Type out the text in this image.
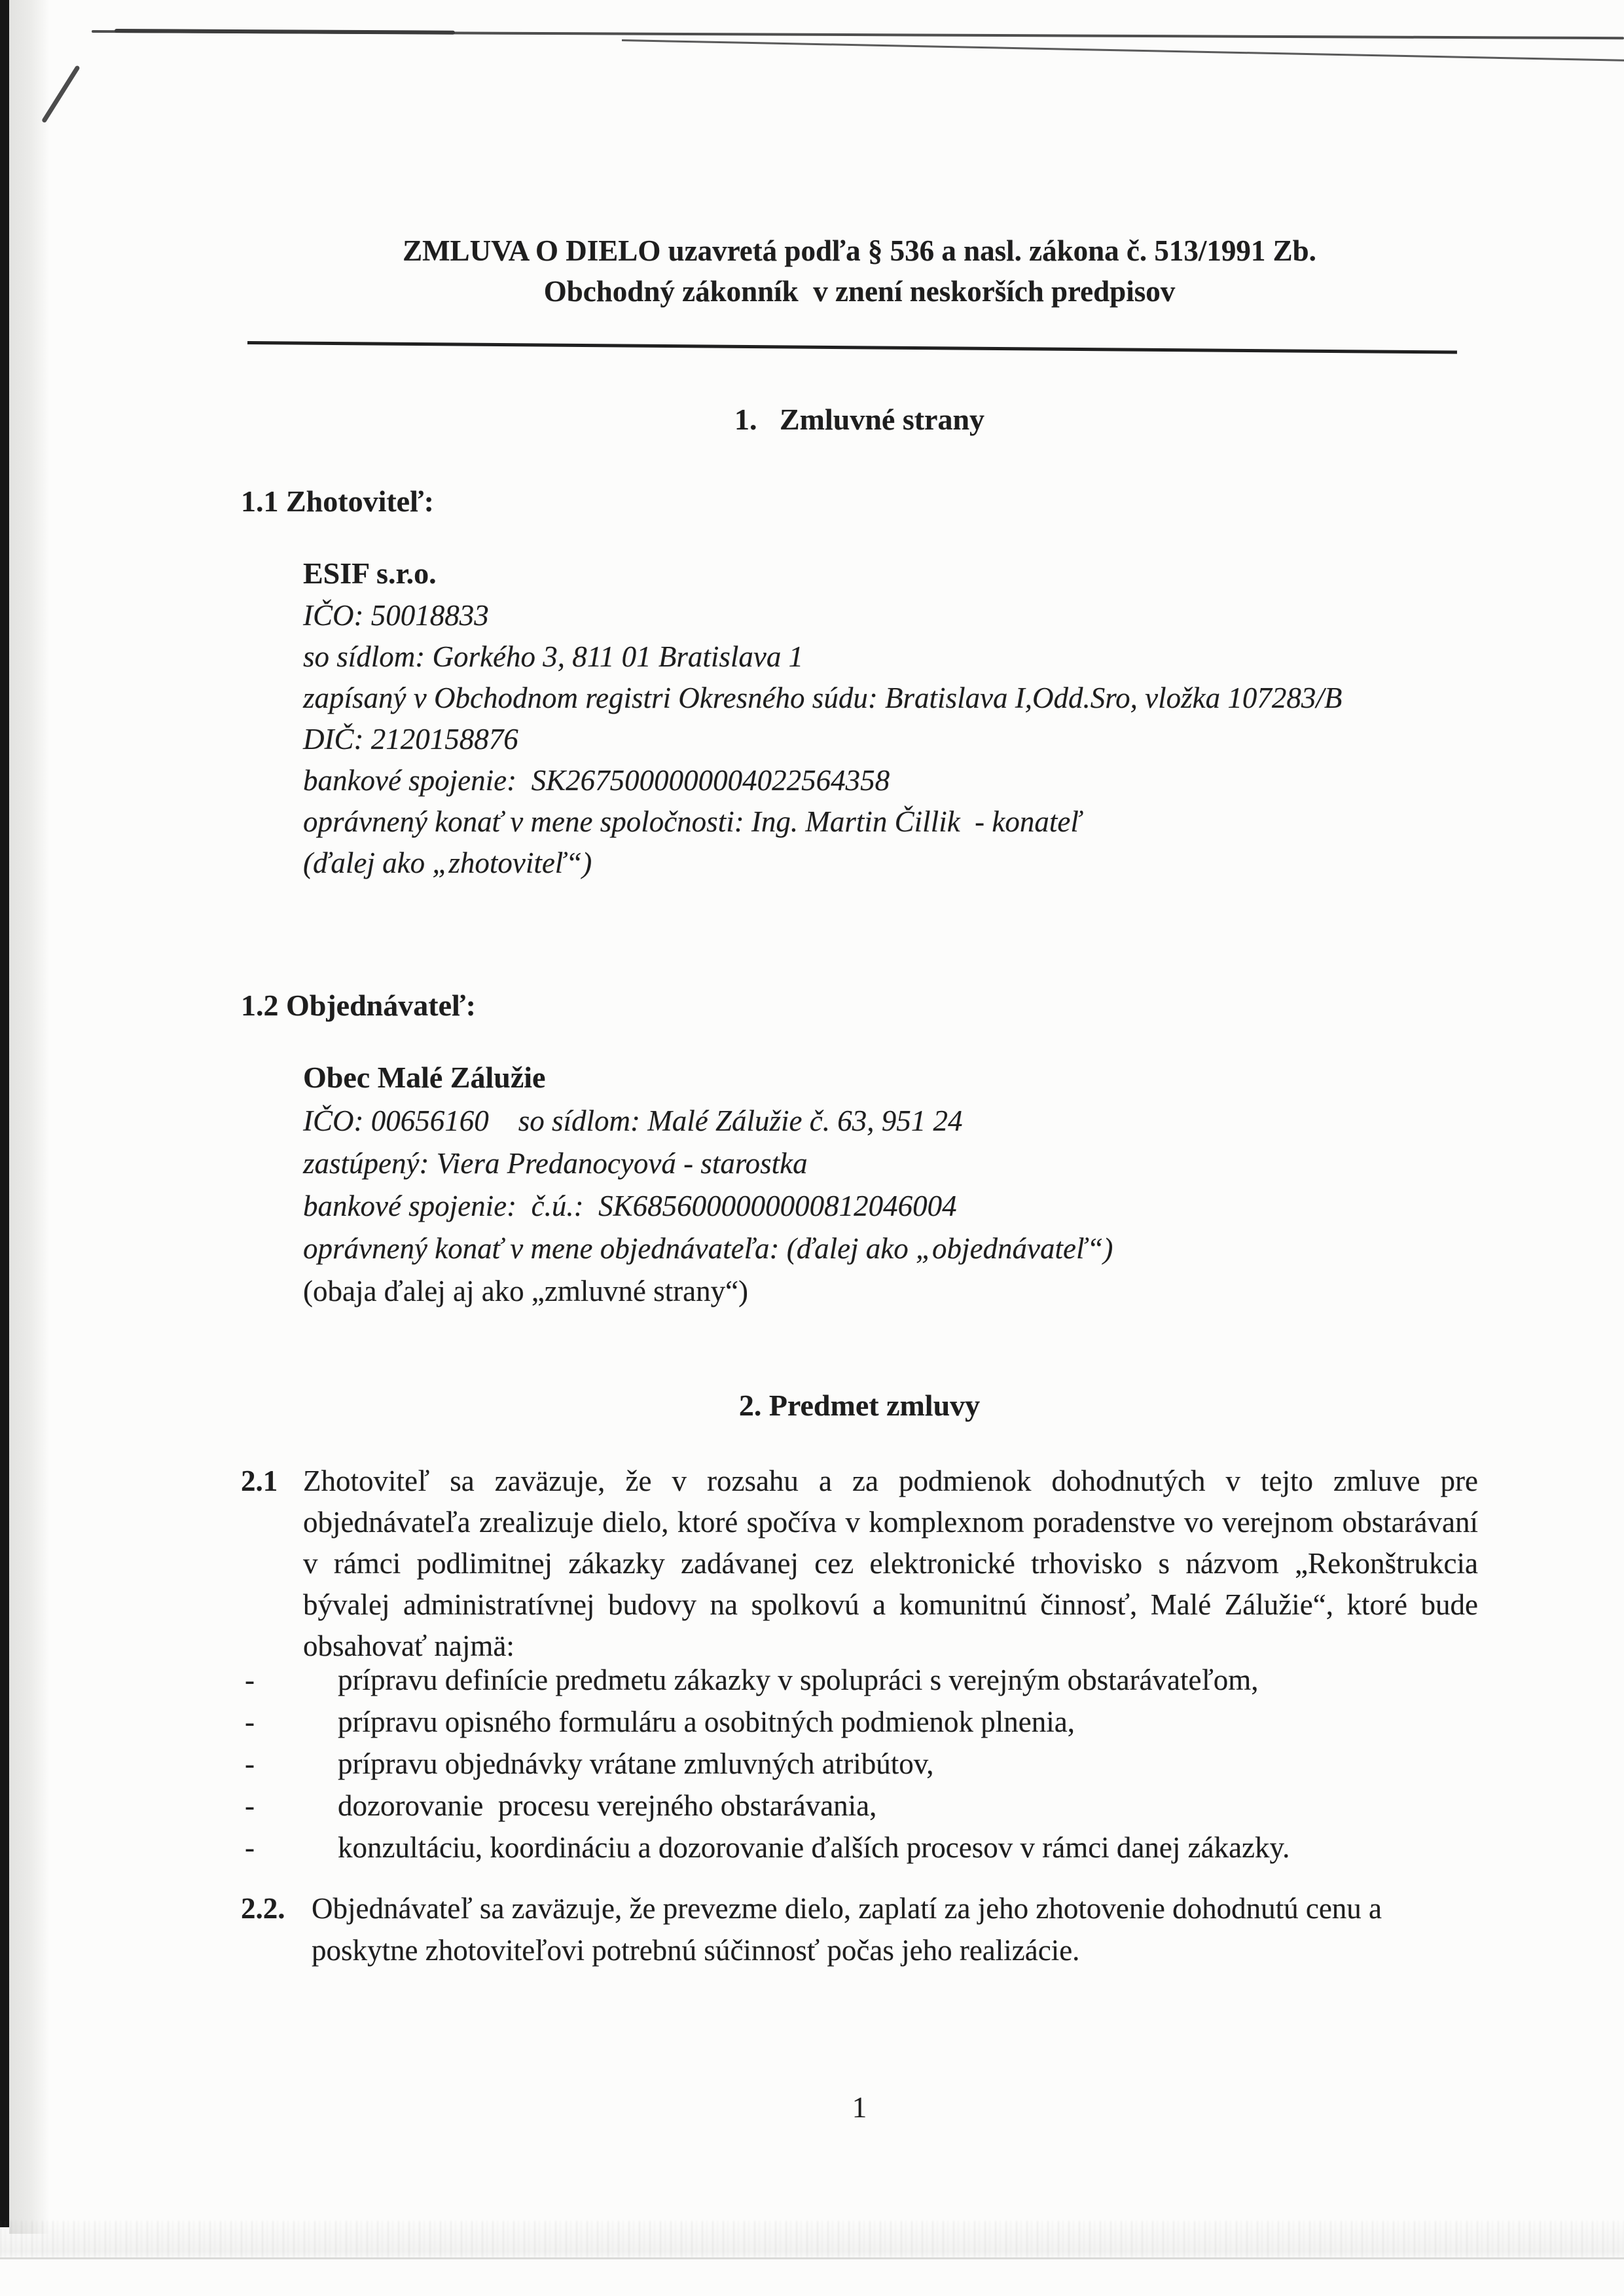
ZMLUVA O DIELO uzavretá podľa § 536 a nasl. zákona č. 513/1991 Zb.
Obchodný zákonník  v znení neskorších predpisov
1.   Zmluvné strany
1.1 Zhotoviteľ:
ESIF s.r.o.
IČO: 50018833
so sídlom: Gorkého 3, 811 01 Bratislava 1
zapísaný v Obchodnom registri Okresného súdu: Bratislava I,Odd.Sro, vložka 107283/B
DIČ: 2120158876
bankové spojenie:  SK2675000000004022564358
oprávnený konať v mene spoločnosti: Ing. Martin Čillik  - konateľ
(ďalej ako „zhotoviteľ“)
1.2 Objednávateľ:
Obec Malé Zálužie
IČO: 00656160    so sídlom: Malé Zálužie č. 63, 951 24
zastúpený: Viera Predanocyová - starostka
bankové spojenie:  č.ú.:  SK6856000000000812046004
oprávnený konať v mene objednávateľa: (ďalej ako „objednávateľ“)
(obaja ďalej aj ako „zmluvné strany“)
2. Predmet zmluvy
2.1 Zhotoviteľ sa zaväzuje, že v rozsahu a za podmienok dohodnutých v tejto zmluve pre objednávateľa zrealizuje dielo, ktoré spočíva v komplexnom poradenstve vo verejnom obstarávaní v rámci podlimitnej zákazky zadávanej cez elektronické trhovisko s názvom „Rekonštrukcia bývalej administratívnej budovy na spolkovú a komunitnú činnosť, Malé Zálužie“, ktoré bude obsahovať najmä:
-	prípravu definície predmetu zákazky v spolupráci s verejným obstarávateľom,
-	prípravu opisného formuláru a osobitných podmienok plnenia,
-	prípravu objednávky vrátane zmluvných atribútov,
-	dozorovanie  procesu verejného obstarávania,
-	konzultáciu, koordináciu a dozorovanie ďalších procesov v rámci danej zákazky.
2.2. Objednávateľ sa zaväzuje, že prevezme dielo, zaplatí za jeho zhotovenie dohodnutú cenu a  poskytne zhotoviteľovi potrebnú súčinnosť počas jeho realizácie.
1
